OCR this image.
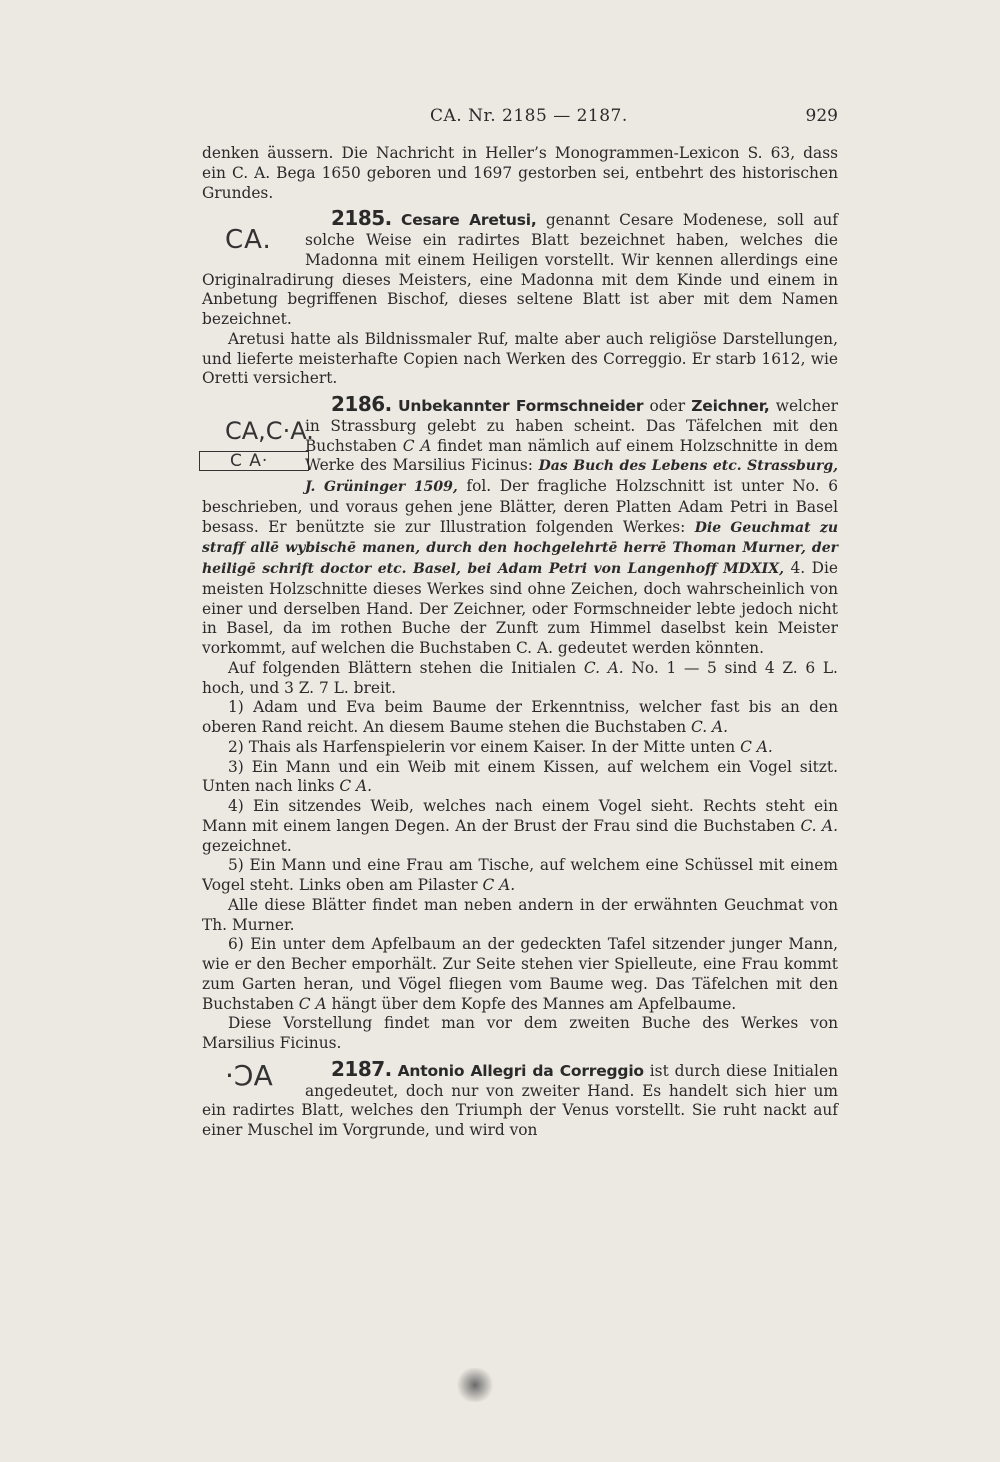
CA. Nr. 2185 — 2187.	929

denken äussern. Die Nachricht in Heller’s Monogrammen-Lexicon S. 63, dass ein C. A. Bega 1650 geboren und 1697 gestorben sei, entbehrt des historischen Grundes.

2185. Cesare Aretusi,
CA.
genannt Cesare Modenese, soll auf solche Weise ein radirtes Blatt bezeichnet haben, welches die Madonna mit einem Heiligen vorstellt. Wir kennen allerdings eine Originalradirung dieses Meisters, eine Madonna mit dem Kinde und einem in Anbetung begriffenen Bischof, dieses seltene Blatt ist aber mit dem Namen bezeichnet.

Aretusi hatte als Bildnissmaler Ruf, malte aber auch religiöse Darstellungen, und lieferte meisterhafte Copien nach Werken des Correggio. Er starb 1612, wie Oretti versichert.

2186. Unbekannter Formschneider oder Zeichner,
CA,C·A.
C A·
welcher in Strassburg gelebt zu haben scheint. Das Täfelchen mit den Buchstaben C A findet man nämlich auf einem Holzschnitte in dem Werke des Marsilius Ficinus: Das Buch des Lebens etc. Strassburg, J. Grüninger 1509, fol. Der fragliche Holzschnitt ist unter No. 6 beschrieben, und voraus gehen jene Blätter, deren Platten Adam Petri in Basel besass. Er benützte sie zur Illustration folgenden Werkes: Die Geuchmat zu straff allē wybischē manen, durch den hochgelehrtē herrē Thoman Murner, der heiligē schrift doctor etc. Basel, bei Adam Petri von Langenhoff MDXIX, 4. Die meisten Holzschnitte dieses Werkes sind ohne Zeichen, doch wahrscheinlich von einer und derselben Hand. Der Zeichner, oder Formschneider lebte jedoch nicht in Basel, da im rothen Buche der Zunft zum Himmel daselbst kein Meister vorkommt, auf welchen die Buchstaben C. A. gedeutet werden könnten.

Auf folgenden Blättern stehen die Initialen C. A. No. 1 — 5 sind 4 Z. 6 L. hoch, und 3 Z. 7 L. breit.

1) Adam und Eva beim Baume der Erkenntniss, welcher fast bis an den oberen Rand reicht. An diesem Baume stehen die Buchstaben C. A.

2) Thais als Harfenspielerin vor einem Kaiser. In der Mitte unten C A.

3) Ein Mann und ein Weib mit einem Kissen, auf welchem ein Vogel sitzt. Unten nach links C A.

4) Ein sitzendes Weib, welches nach einem Vogel sieht. Rechts steht ein Mann mit einem langen Degen. An der Brust der Frau sind die Buchstaben C. A. gezeichnet.

5) Ein Mann und eine Frau am Tische, auf welchem eine Schüssel mit einem Vogel steht. Links oben am Pilaster C A.

Alle diese Blätter findet man neben andern in der erwähnten Geuchmat von Th. Murner.

6) Ein unter dem Apfelbaum an der gedeckten Tafel sitzender junger Mann, wie er den Becher emporhält. Zur Seite stehen vier Spielleute, eine Frau kommt zum Garten heran, und Vögel fliegen vom Baume weg. Das Täfelchen mit den Buchstaben C A hängt über dem Kopfe des Mannes am Apfelbaume.

Diese Vorstellung findet man vor dem zweiten Buche des Werkes von Marsilius Ficinus.

2187. Antonio Allegri da Correggio
·ƆA	ist durch diese Initialen angedeutet, doch nur von zweiter Hand. Es handelt sich hier um ein radirtes Blatt, welches den Triumph der Venus vorstellt. Sie ruht nackt auf einer Muschel im Vorgrunde, und wird von
